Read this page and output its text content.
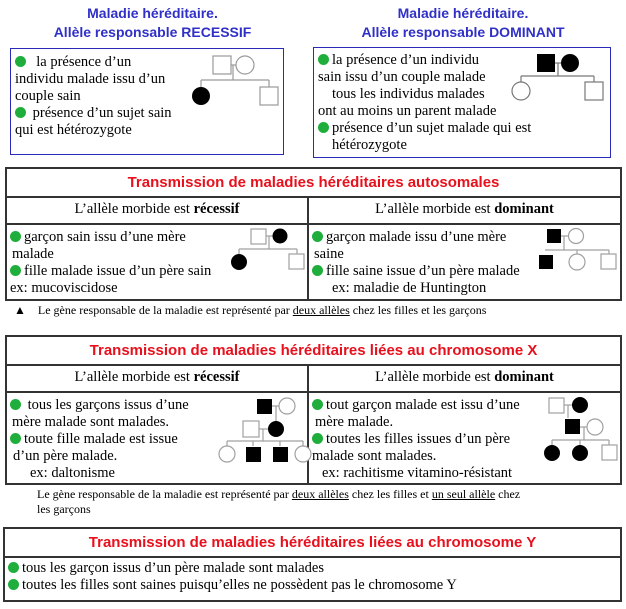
Maladie héréditaire.
Allèle responsable RECESSIF
la présence d’un
individu malade issu d’un
couple sain
présence d’un sujet sain
qui est hétérozygote
Maladie héréditaire.
Allèle responsable DOMINANT
la présence d’un individu
sain issu d’un couple malade
tous les individus malades
ont au moins un parent malade
présence d’un sujet malade qui est
hétérozygote
Transmission de maladies héréditaires autosomales
L’allèle morbide est récessif	L’allèle morbide est dominant
garçon sain issu d’une mère
malade
fille malade issue d’un père sain
ex: mucoviscidose
garçon malade issu d’une mère
saine
fille saine issue d’un père malade
ex: maladie de Huntington
▲ Le gène responsable de la maladie est représenté par deux allèles chez les filles et les garçons
Transmission de maladies héréditaires liées au chromosome X
L’allèle morbide est récessif	L’allèle morbide est dominant
tous les garçons issus d’une
mère malade sont malades.
toute fille malade est issue
d’un père malade.
ex: daltonisme
tout garçon malade est issu d’une
mère malade.
toutes les filles issues d’un père
malade sont malades.
ex: rachitisme vitamino-résistant
Le gène responsable de la maladie est représenté par deux allèles chez les filles et un seul allèle chez
les garçons
Transmission de maladies héréditaires liées au chromosome Y
tous les garçon issus d’un père malade sont malades
toutes les filles sont saines puisqu’elles ne possèdent pas le chromosome Y
